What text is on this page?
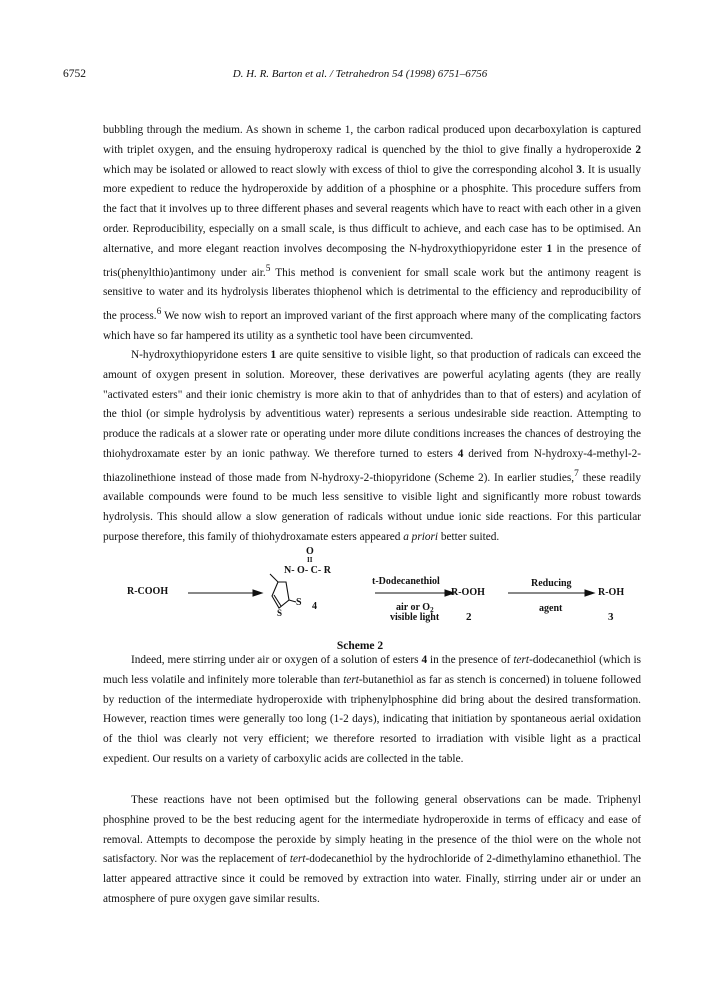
6752	D. H. R. Barton et al. / Tetrahedron 54 (1998) 6751–6756

bubbling through the medium. As shown in scheme 1, the carbon radical produced upon decarboxylation is captured with triplet oxygen, and the ensuing hydroperoxy radical is quenched by the thiol to give finally a hydroperoxide 2 which may be isolated or allowed to react slowly with excess of thiol to give the corresponding alcohol 3. It is usually more expedient to reduce the hydroperoxide by addition of a phosphine or a phosphite. This procedure suffers from the fact that it involves up to three different phases and several reagents which have to react with each other in a given order. Reproducibility, especially on a small scale, is thus difficult to achieve, and each case has to be optimised. An alternative, and more elegant reaction involves decomposing the N-hydroxythiopyridone ester 1 in the presence of tris(phenylthio)antimony under air.$^5$ This method is convenient for small scale work but the antimony reagent is sensitive to water and its hydrolysis liberates thiophenol which is detrimental to the efficiency and reproducibility of the process.$^6$ We now wish to report an improved variant of the first approach where many of the complicating factors which have so far hampered its utility as a synthetic tool have been circumvented.

N-hydroxythiopyridone esters 1 are quite sensitive to visible light, so that production of radicals can exceed the amount of oxygen present in solution. Moreover, these derivatives are powerful acylating agents (they are really "activated esters" and their ionic chemistry is more akin to that of anhydrides than to that of esters) and acylation of the thiol (or simple hydrolysis by adventitious water) represents a serious undesirable side reaction. Attempting to produce the radicals at a slower rate or operating under more dilute conditions increases the chances of destroying the thiohydroxamate ester by an ionic pathway. We therefore turned to esters 4 derived from N-hydroxy-4-methyl-2-thiazolinethione instead of those made from N-hydroxy-2-thiopyridone (Scheme 2). In earlier studies,$^7$ these readily available compounds were found to be much less sensitive to visible light and significantly more robust towards hydrolysis. This should allow a slow generation of radicals without undue ionic side reactions. For this particular purpose therefore, this family of thiohydroxamate esters appeared a priori better suited.

R-COOH
O
II
N- O- C- R
S
S
4
t-Dodecanethiol
air or $O_2$
visible light
R-OOH
2
Reducing
agent
R-OH
3
Scheme 2

Indeed, mere stirring under air or oxygen of a solution of esters 4 in the presence of tert-dodecanethiol (which is much less volatile and infinitely more tolerable than tert-butanethiol as far as stench is concerned) in toluene followed by reduction of the intermediate hydroperoxide with triphenylphosphine did bring about the desired transformation. However, reaction times were generally too long (1-2 days), indicating that initiation by spontaneous aerial oxidation of the thiol was clearly not very efficient; we therefore resorted to irradiation with visible light as a practical expedient. Our results on a variety of carboxylic acids are collected in the table.

These reactions have not been optimised but the following general observations can be made. Triphenyl phosphine proved to be the best reducing agent for the intermediate hydroperoxide in terms of efficacy and ease of removal. Attempts to decompose the peroxide by simply heating in the presence of the thiol were on the whole not satisfactory. Nor was the replacement of tert-dodecanethiol by the hydrochloride of 2-dimethylamino ethanethiol. The latter appeared attractive since it could be removed by extraction into water. Finally, stirring under air or under an atmosphere of pure oxygen gave similar results.
